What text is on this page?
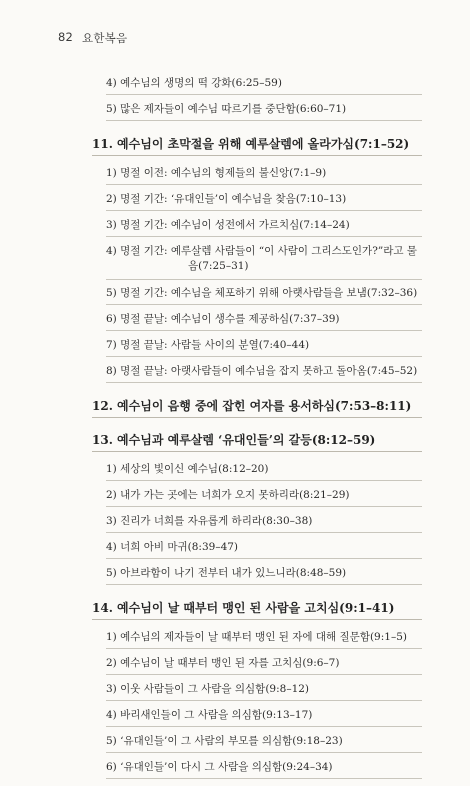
82 요한복음
4) 예수님의 생명의 떡 강화(6:25–59)
5) 많은 제자들이 예수님 따르기를 중단함(6:60–71)
11. 예수님이 초막절을 위해 예루살렘에 올라가심(7:1–52)
1) 명절 이전: 예수님의 형제들의 불신앙(7:1–9)
2) 명절 기간: ‘유대인들’이 예수님을 찾음(7:10–13)
3) 명절 기간: 예수님이 성전에서 가르치심(7:14–24)
4) 명절 기간: 예루살렘 사람들이 “이 사람이 그리스도인가?”라고 물
음(7:25–31)
5) 명절 기간: 예수님을 체포하기 위해 아랫사람들을 보냄(7:32–36)
6) 명절 끝날: 예수님이 생수를 제공하심(7:37–39)
7) 명절 끝날: 사람들 사이의 분열(7:40–44)
8) 명절 끝날: 아랫사람들이 예수님을 잡지 못하고 돌아옴(7:45–52)
12. 예수님이 음행 중에 잡힌 여자를 용서하심(7:53–8:11)
13. 예수님과 예루살렘 ‘유대인들’의 갈등(8:12–59)
1) 세상의 빛이신 예수님(8:12–20)
2) 내가 가는 곳에는 너희가 오지 못하리라(8:21–29)
3) 진리가 너희를 자유롭게 하리라(8:30–38)
4) 너희 아비 마귀(8:39–47)
5) 아브라함이 나기 전부터 내가 있느니라(8:48–59)
14. 예수님이 날 때부터 맹인 된 사람을 고치심(9:1–41)
1) 예수님의 제자들이 날 때부터 맹인 된 자에 대해 질문함(9:1–5)
2) 예수님이 날 때부터 맹인 된 자를 고치심(9:6–7)
3) 이웃 사람들이 그 사람을 의심함(9:8–12)
4) 바리새인들이 그 사람을 의심함(9:13–17)
5) ‘유대인들’이 그 사람의 부모를 의심함(9:18–23)
6) ‘유대인들’이 다시 그 사람을 의심함(9:24–34)
